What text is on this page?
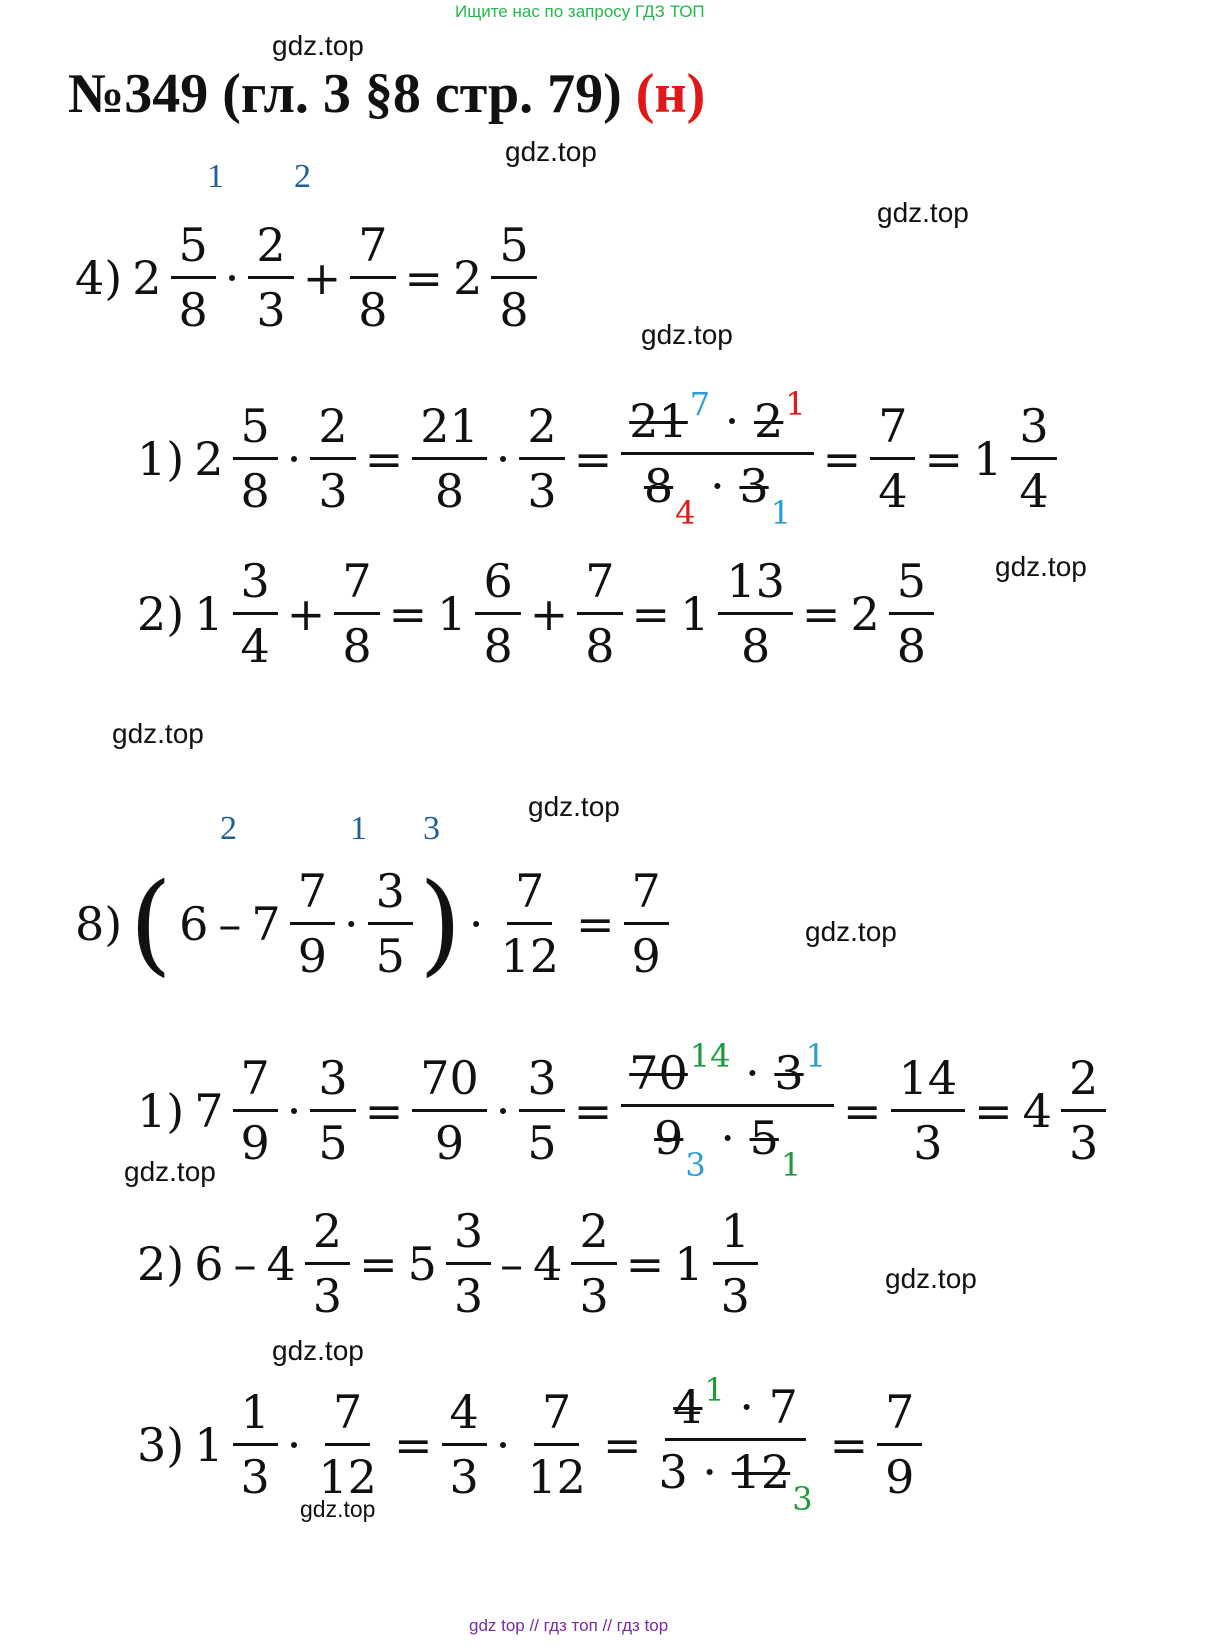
Ищите нас по запросу ГДЗ ТОП
№349 (гл. 3 §8 стр. 79) (н)
gdz.top
gdz.top
gdz.top
gdz.top
gdz.top
gdz.top
gdz.top
gdz.top
gdz.top
gdz.top
gdz.top
gdz.top
1 2
4) $2 \frac{5}{8} \cdot \frac{2}{3} + \frac{7}{8} = 2 \frac{5}{8}$
1) $2 \frac{5}{8} \cdot \frac{2}{3} = \frac{21}{8} \cdot \frac{2}{3} = \frac{21^7 \cdot 2^1}{8_4 \cdot 3_1} = \frac{7}{4} = 1 \frac{3}{4}$
2) $1 \frac{3}{4} + \frac{7}{8} = 1 \frac{6}{8} + \frac{7}{8} = 1 \frac{13}{8} = 2 \frac{5}{8}$
2	1 3
8) ( $6 - 7 \frac{7}{9} \cdot \frac{3}{5}$ ) · $\frac{7}{12} = \frac{7}{9}$
1) $7 \frac{7}{9} \cdot \frac{3}{5} = \frac{70}{9} \cdot \frac{3}{5} = \frac{70^{14} \cdot 3^1}{9_3 \cdot 5_1} = \frac{14}{3} = 4 \frac{2}{3}$
2) $6 - 4 \frac{2}{3} = 5 \frac{3}{3} - 4 \frac{2}{3} = 1 \frac{1}{3}$
3) $1 \frac{1}{3} \cdot \frac{7}{12} = \frac{4}{3} \cdot \frac{7}{12} = \frac{4^1 \cdot 7}{3 \cdot 12_3} = \frac{7}{9}$
gdz top // гдз топ // гдз top
